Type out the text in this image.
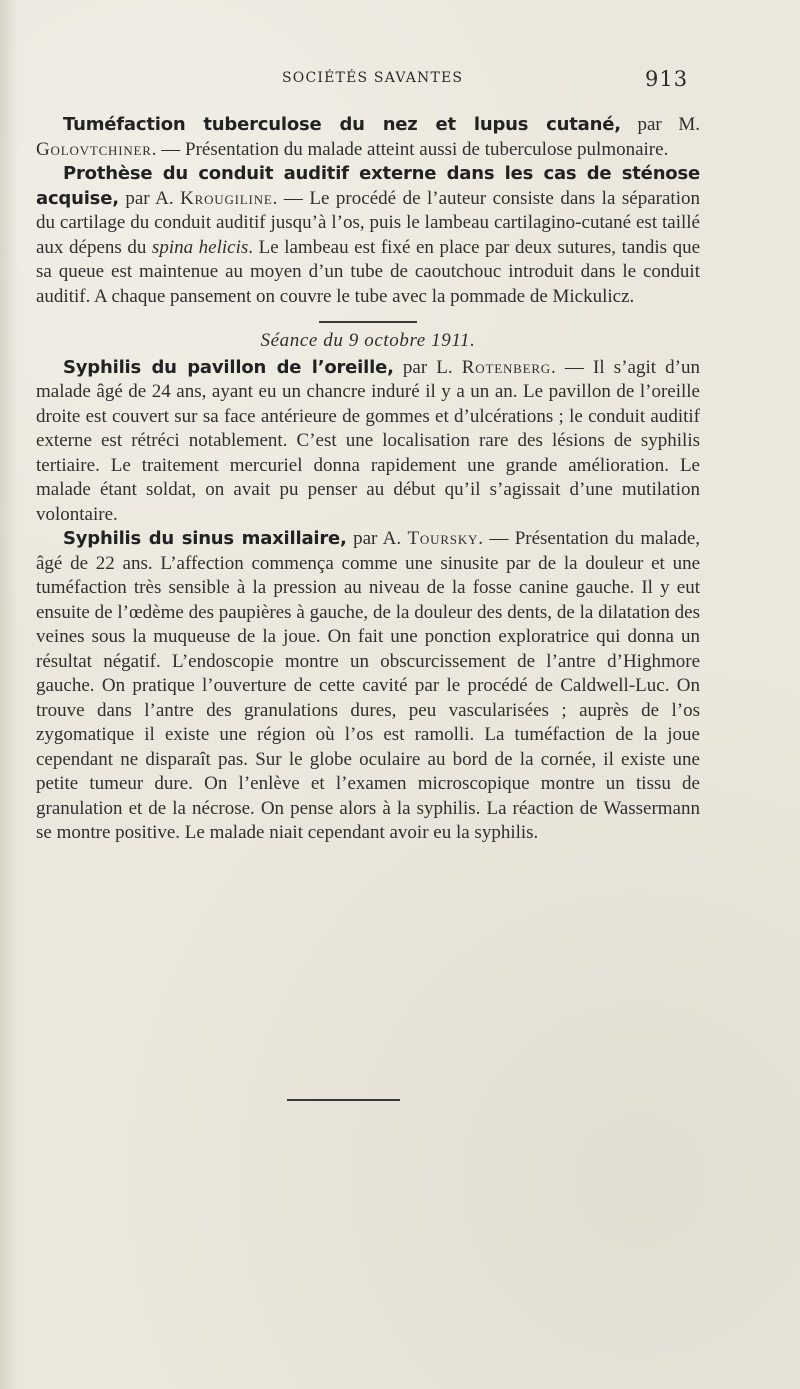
SOCIÉTÉS SAVANTES	913

Tuméfaction tuberculose du nez et lupus cutané, par M. Golovtchiner. — Présentation du malade atteint aussi de tuberculose pulmonaire.

Prothèse du conduit auditif externe dans les cas de sténose acquise, par A. Krougiline. — Le procédé de l’auteur consiste dans la séparation du cartilage du conduit auditif jusqu’à l’os, puis le lambeau cartilagino-cutané est taillé aux dépens du spina helicis. Le lambeau est fixé en place par deux sutures, tandis que sa queue est maintenue au moyen d’un tube de caoutchouc introduit dans le conduit auditif. A chaque pansement on couvre le tube avec la pommade de Mickulicz.

Séance du 9 octobre 1911.

Syphilis du pavillon de l’oreille, par L. Rotenberg. — Il s’agit d’un malade âgé de 24 ans, ayant eu un chancre induré il y a un an. Le pavillon de l’oreille droite est couvert sur sa face antérieure de gommes et d’ulcérations ; le conduit auditif externe est rétréci notablement. C’est une localisation rare des lésions de syphilis tertiaire. Le traitement mercuriel donna rapidement une grande amélioration. Le malade étant soldat, on avait pu penser au début qu’il s’agissait d’une mutilation volontaire.

Syphilis du sinus maxillaire, par A. Toursky. — Présentation du malade, âgé de 22 ans. L’affection commença comme une sinusite par de la douleur et une tuméfaction très sensible à la pression au niveau de la fosse canine gauche. Il y eut ensuite de l’œdème des paupières à gauche, de la douleur des dents, de la dilatation des veines sous la muqueuse de la joue. On fait une ponction exploratrice qui donna un résultat négatif. L’endoscopie montre un obscurcissement de l’antre d’Highmore gauche. On pratique l’ouverture de cette cavité par le procédé de Caldwell-Luc. On trouve dans l’antre des granulations dures, peu vascularisées ; auprès de l’os zygomatique il existe une région où l’os est ramolli. La tuméfaction de la joue cependant ne disparaît pas. Sur le globe oculaire au bord de la cornée, il existe une petite tumeur dure. On l’enlève et l’examen microscopique montre un tissu de granulation et de la nécrose. On pense alors à la syphilis. La réaction de Wassermann se montre positive. Le malade niait cependant avoir eu la syphilis.
